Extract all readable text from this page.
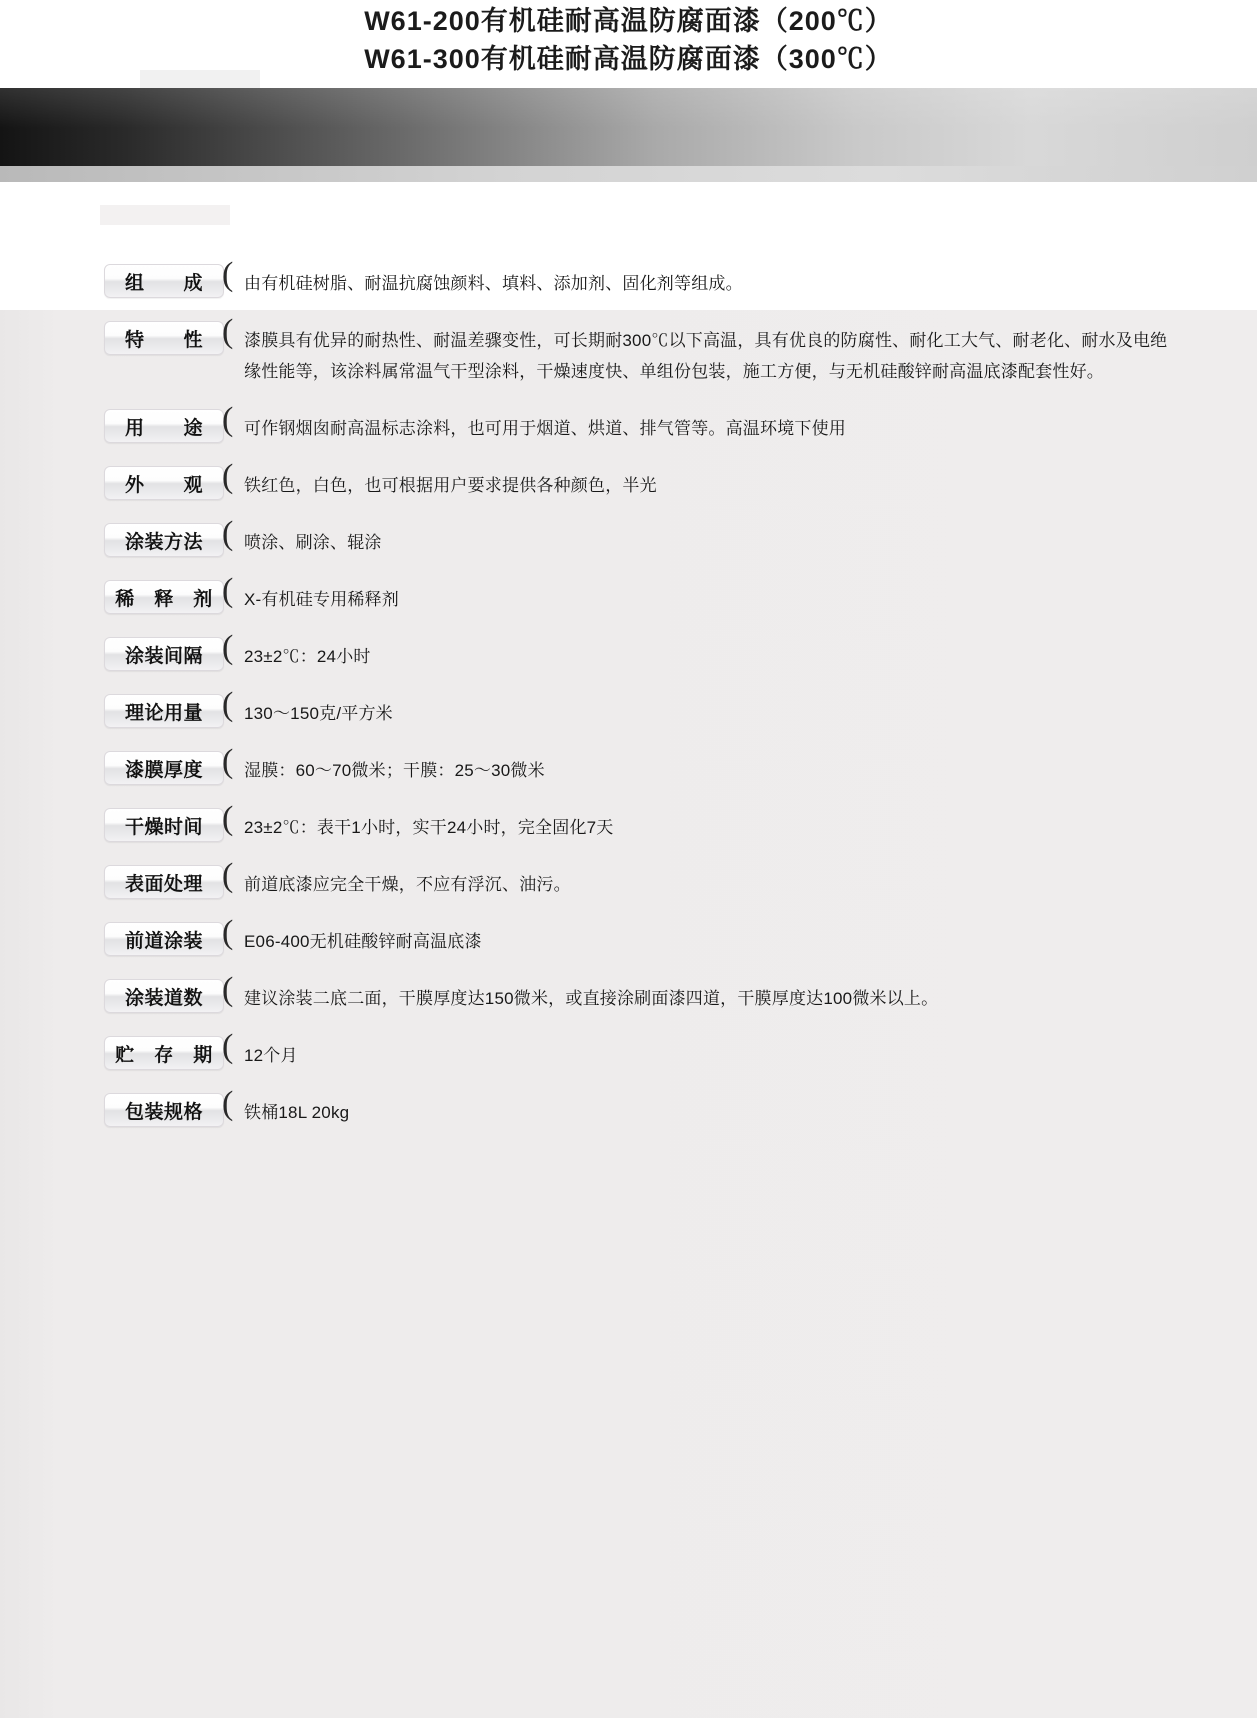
W61-200有机硅耐高温防腐面漆（200℃）
W61-300有机硅耐高温防腐面漆（300℃）
组　　成 ( 由有机硅树脂、耐温抗腐蚀颜料、填料、添加剂、固化剂等组成。
特　　性 ( 漆膜具有优异的耐热性、耐温差骤变性，可长期耐300℃以下高温，具有优良的防腐性、耐化工大气、耐老化、耐水及电绝缘性能等，该涂料属常温气干型涂料，干燥速度快、单组份包装，施工方便，与无机硅酸锌耐高温底漆配套性好。
用　　途 ( 可作钢烟囱耐高温标志涂料，也可用于烟道、烘道、排气管等。高温环境下使用
外　　观 ( 铁红色，白色，也可根据用户要求提供各种颜色，半光
涂装方法 ( 喷涂、刷涂、辊涂
稀　释　剂 ( X-有机硅专用稀释剂
涂装间隔 ( 23±2℃：24小时
理论用量 ( 130～150克/平方米
漆膜厚度 ( 湿膜：60～70微米；干膜：25～30微米
干燥时间 ( 23±2℃：表干1小时，实干24小时，完全固化7天
表面处理 ( 前道底漆应完全干燥，不应有浮沉、油污。
前道涂装 ( E06-400无机硅酸锌耐高温底漆
涂装道数 ( 建议涂装二底二面，干膜厚度达150微米，或直接涂刷面漆四道，干膜厚度达100微米以上。
贮　存　期 ( 12个月
包装规格 ( 铁桶18L 20kg
